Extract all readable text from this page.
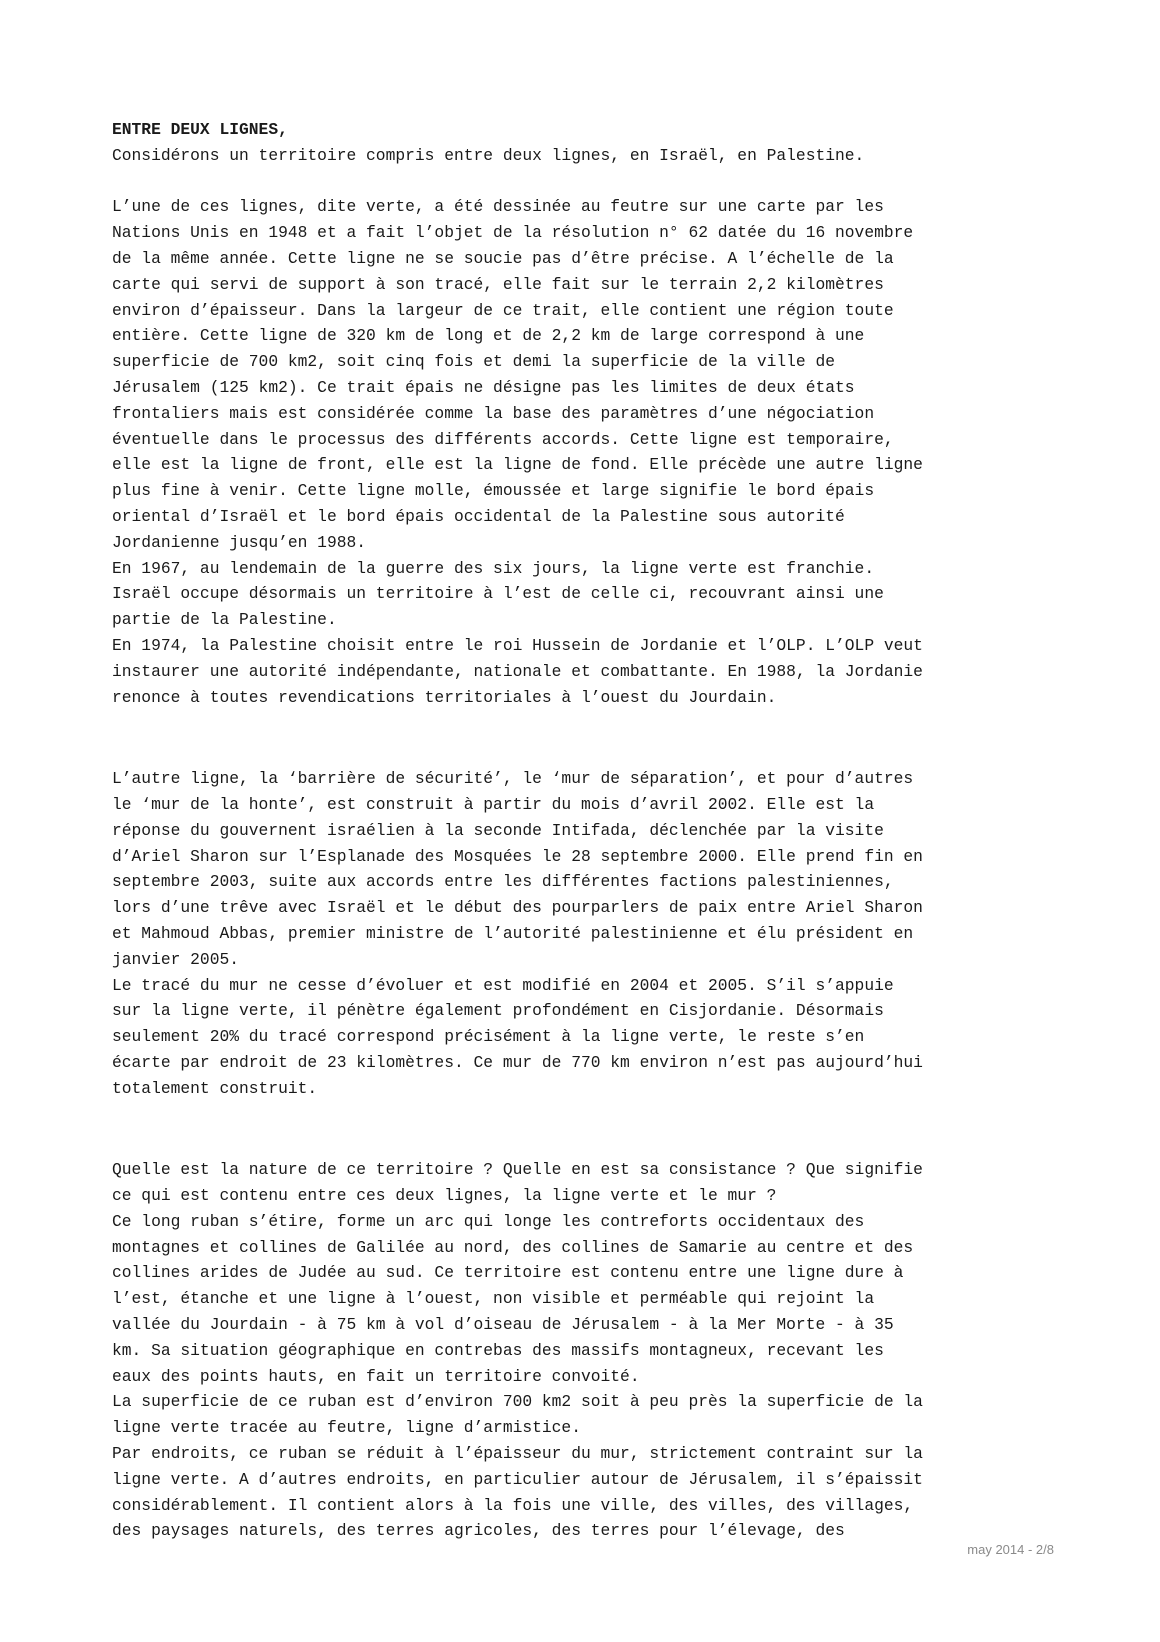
ENTRE DEUX LIGNES,
Considérons un territoire compris entre deux lignes, en Israël, en Palestine.
L’une de ces lignes, dite verte, a été dessinée au feutre sur une carte par les
Nations Unis en 1948 et a fait l’objet de la résolution n° 62 datée du 16 novembre
de la même année. Cette ligne ne se soucie pas d’être précise. A l’échelle de la
carte qui servi de support à son tracé, elle fait sur le terrain 2,2 kilomètres
environ d’épaisseur. Dans la largeur de ce trait, elle contient une région toute
entière. Cette ligne de 320 km de long et de 2,2 km de large correspond à une
superficie de 700 km2, soit cinq fois et demi la superficie de la ville de
Jérusalem (125 km2). Ce trait épais ne désigne pas les limites de deux états
frontaliers mais est considérée comme la base des paramètres d’une négociation
éventuelle dans le processus des différents accords. Cette ligne est temporaire,
elle est la ligne de front, elle est la ligne de fond. Elle précède une autre ligne
plus fine à venir. Cette ligne molle, émoussée et large signifie le bord épais
oriental d’Israël et le bord épais occidental de la Palestine sous autorité
Jordanienne jusqu’en 1988.
En 1967, au lendemain de la guerre des six jours, la ligne verte est franchie.
Israël occupe désormais un territoire à l’est de celle ci, recouvrant ainsi une
partie de la Palestine.
En 1974, la Palestine choisit entre le roi Hussein de Jordanie et l’OLP. L’OLP veut
instaurer une autorité indépendante, nationale et combattante. En 1988, la Jordanie
renonce à toutes revendications territoriales à l’ouest du Jourdain.
L’autre ligne, la ‘barrière de sécurité’, le ‘mur de séparation’, et pour d’autres
le ‘mur de la honte’, est construit à partir du mois d’avril 2002. Elle est la
réponse du gouvernent israélien à la seconde Intifada, déclenchée par la visite
d’Ariel Sharon sur l’Esplanade des Mosquées le 28 septembre 2000. Elle prend fin en
septembre 2003, suite aux accords entre les différentes factions palestiniennes,
lors d’une trêve avec Israël et le début des pourparlers de paix entre Ariel Sharon
et Mahmoud Abbas, premier ministre de l’autorité palestinienne et élu président en
janvier 2005.
Le tracé du mur ne cesse d’évoluer et est modifié en 2004 et 2005. S’il s’appuie
sur la ligne verte, il pénètre également profondément en Cisjordanie. Désormais
seulement 20% du tracé correspond précisément à la ligne verte, le reste s’en
écarte par endroit de 23 kilomètres. Ce mur de 770 km environ n’est pas aujourd’hui
totalement construit.
Quelle est la nature de ce territoire ? Quelle en est sa consistance ? Que signifie
ce qui est contenu entre ces deux lignes, la ligne verte et le mur ?
Ce long ruban s’étire, forme un arc qui longe les contreforts occidentaux des
montagnes et collines de Galilée au nord, des collines de Samarie au centre et des
collines arides de Judée au sud. Ce territoire est contenu entre une ligne dure à
l’est, étanche et une ligne à l’ouest, non visible et perméable qui rejoint la
vallée du Jourdain - à 75 km à vol d’oiseau de Jérusalem - à la Mer Morte - à 35
km. Sa situation géographique en contrebas des massifs montagneux, recevant les
eaux des points hauts, en fait un territoire convoité.
La superficie de ce ruban est d’environ 700 km2 soit à peu près la superficie de la
ligne verte tracée au feutre, ligne d’armistice.
Par endroits, ce ruban se réduit à l’épaisseur du mur, strictement contraint sur la
ligne verte. A d’autres endroits, en particulier autour de Jérusalem, il s’épaissit
considérablement. Il contient alors à la fois une ville, des villes, des villages,
des paysages naturels, des terres agricoles, des terres pour l’élevage, des
may 2014 - 2/8
